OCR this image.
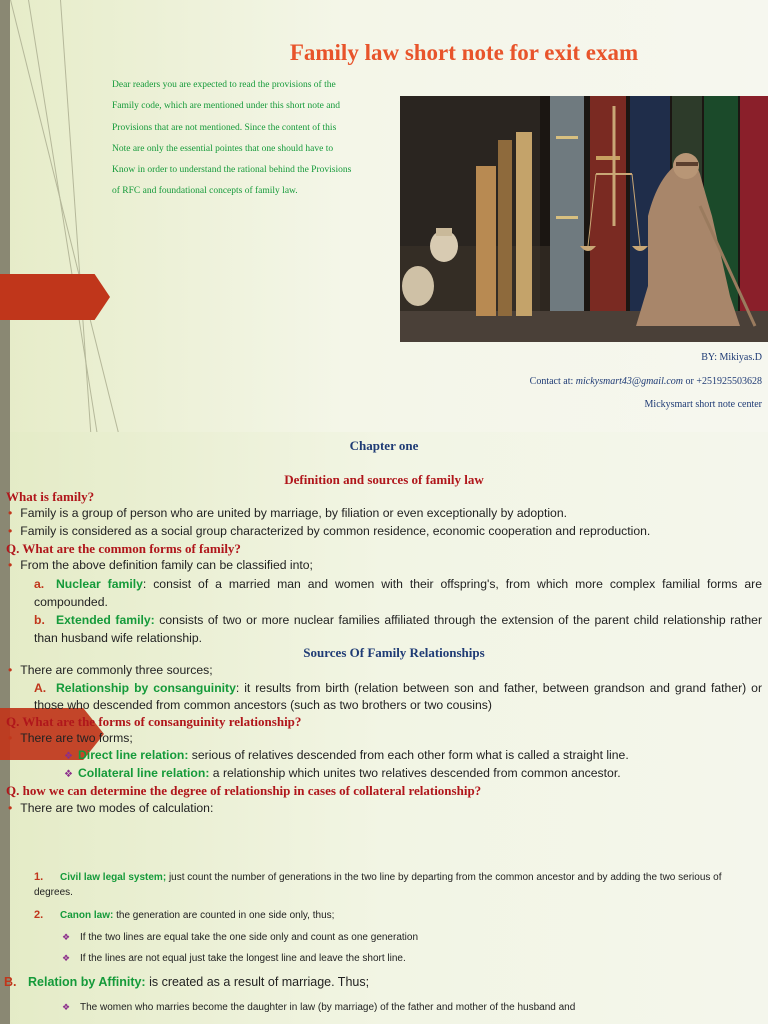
Family law short note for exit exam
Dear readers you are expected to read the provisions of the
Family code, which are mentioned under this short note and
Provisions that are not mentioned. Since the content of this
Note are only the essential pointes that one should have to
Know in order to understand the rational behind the Provisions
of RFC and foundational concepts of family law.
BY: Mikiyas.D
Contact at: mickysmart43@gmail.com or +251925503628
Mickysmart short note center
Chapter one
Definition and sources of family law
What is family?
• Family is a group of person who are united by marriage, by filiation or even exceptionally by adoption.
• Family is considered as a social group characterized by common residence, economic cooperation and reproduction.
Q. What are the common forms of family?
• From the above definition family can be classified into;
a. Nuclear family: consist of a married man and women with their offspring's, from which more complex familial forms are compounded.
b. Extended family: consists of two or more nuclear families affiliated through the extension of the parent child relationship rather than husband wife relationship.
Sources Of Family Relationships
• There are commonly three sources;
A. Relationship by consanguinity: it results from birth (relation between son and father, between grandson and grand father) or those who descended from common ancestors (such as two brothers or two cousins)
Q. What are the forms of consanguinity relationship?
• There are two forms;
❖ Direct line relation: serious of relatives descended from each other form what is called a straight line.
❖ Collateral line relation: a relationship which unites two relatives descended from common ancestor.
Q. how we can determine the degree of relationship in cases of collateral relationship?
• There are two modes of calculation:
1. Civil law legal system; just count the number of generations in the two line by departing from the common ancestor and by adding the two serious of degrees.
2. Canon law: the generation are counted in one side only, thus;
❖ If the two lines are equal take the one side only and count as one generation
❖ If the lines are not equal just take the longest line and leave the short line.
B. Relation by Affinity: is created as a result of marriage. Thus;
❖ The women who marries become the daughter in law (by marriage) of the father and mother of the husband and
